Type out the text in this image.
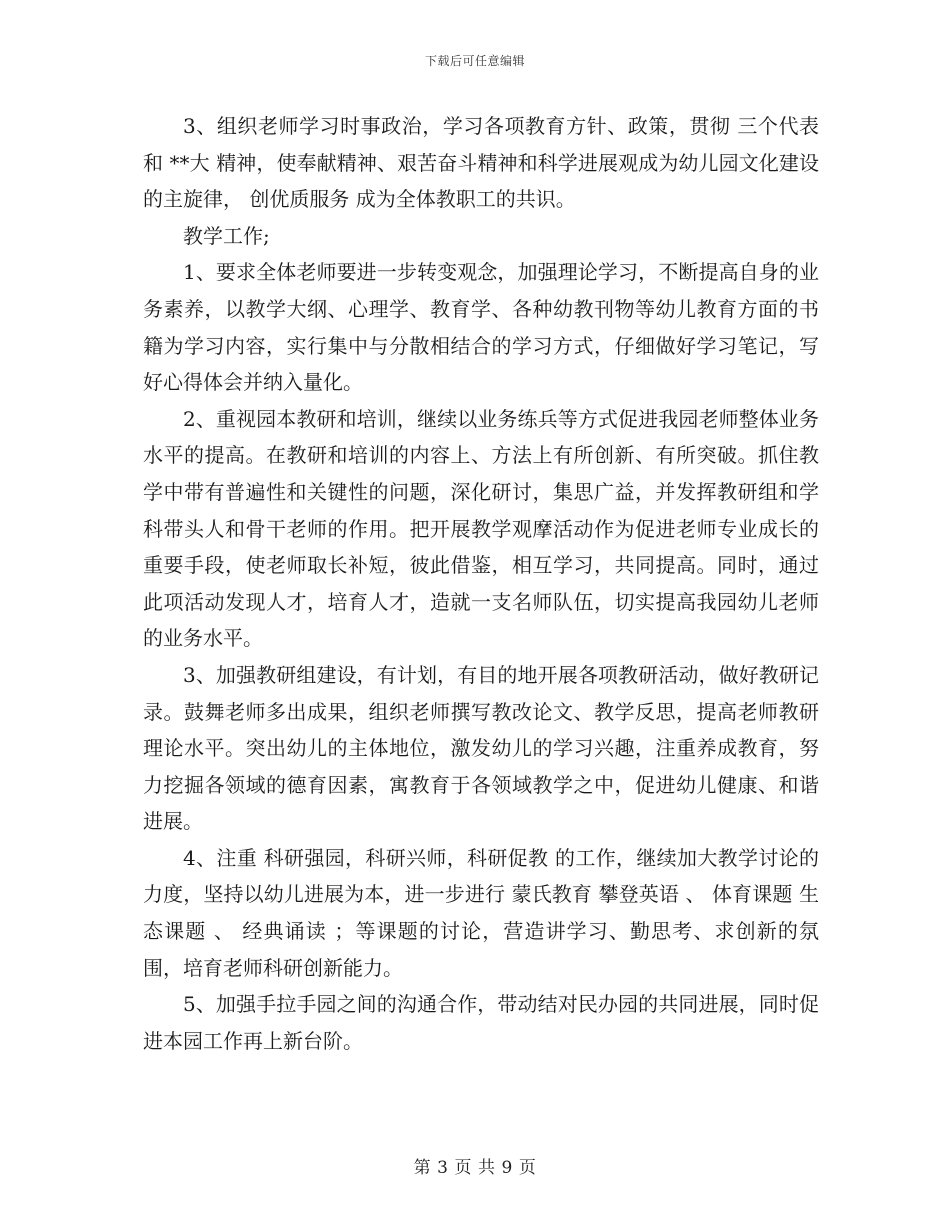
下载后可任意编辑

3、组织老师学习时事政治，学习各项教育方针、政策，贯彻 三个代表 和 **大 精神，使奉献精神、艰苦奋斗精神和科学进展观成为幼儿园文化建设的主旋律， 创优质服务 成为全体教职工的共识。

教学工作;

1、要求全体老师要进一步转变观念，加强理论学习，不断提高自身的业务素养，以教学大纲、心理学、教育学、各种幼教刊物等幼儿教育方面的书籍为学习内容，实行集中与分散相结合的学习方式，仔细做好学习笔记，写好心得体会并纳入量化。

2、重视园本教研和培训，继续以业务练兵等方式促进我园老师整体业务水平的提高。在教研和培训的内容上、方法上有所创新、有所突破。抓住教学中带有普遍性和关键性的问题，深化研讨，集思广益，并发挥教研组和学科带头人和骨干老师的作用。把开展教学观摩活动作为促进老师专业成长的重要手段，使老师取长补短，彼此借鉴，相互学习，共同提高。同时，通过此项活动发现人才，培育人才，造就一支名师队伍，切实提高我园幼儿老师的业务水平。

3、加强教研组建设，有计划，有目的地开展各项教研活动，做好教研记录。鼓舞老师多出成果，组织老师撰写教改论文、教学反思，提高老师教研理论水平。突出幼儿的主体地位，激发幼儿的学习兴趣，注重养成教育，努力挖掘各领域的德育因素，寓教育于各领域教学之中，促进幼儿健康、和谐进展。

4、注重 科研强园，科研兴师，科研促教 的工作，继续加大教学讨论的力度，坚持以幼儿进展为本，进一步进行 蒙氏教育 攀登英语 、 体育课题 生态课题 、 经典诵读 ；等课题的讨论，营造讲学习、勤思考、求创新的氛围，培育老师科研创新能力。

5、加强手拉手园之间的沟通合作，带动结对民办园的共同进展，同时促进本园工作再上新台阶。

第 3 页 共 9 页
